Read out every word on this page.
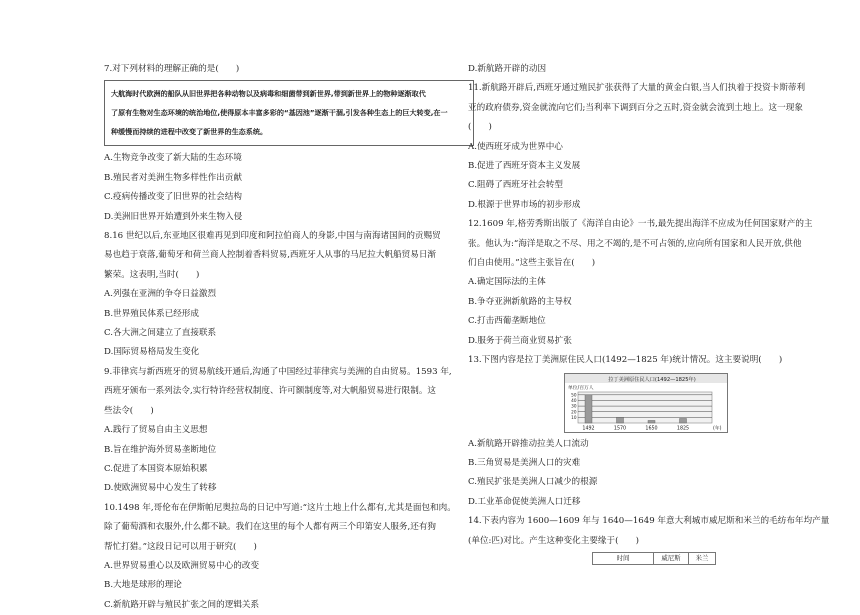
7.对下列材料的理解正确的是(　　)
大航海时代欧洲的船队从旧世界把各种动物以及病毒和细菌带到新世界,带到新世界上的物种逐渐取代
了原有生物对生态环境的统治地位,使得原本丰富多彩的“基因池”逐渐干涸,引发各种生态上的巨大转变,在一
种缓慢而持续的进程中改变了新世界的生态系统。
A.生物竞争改变了新大陆的生态环境
B.殖民者对美洲生物多样性作出贡献
C.疫病传播改变了旧世界的社会结构
D.美洲旧世界开始遭到外来生物入侵
8.16 世纪以后,东亚地区很难再见到印度和阿拉伯商人的身影,中国与南海诸国间的贡赐贸
易也趋于衰落,葡萄牙和荷兰商人控制着香料贸易,西班牙人从事的马尼拉大帆船贸易日渐
繁荣。这表明,当时(　　)
A.列强在亚洲的争夺日益激烈
B.世界殖民体系已经形成
C.各大洲之间建立了直接联系
D.国际贸易格局发生变化
9.菲律宾与新西班牙的贸易航线开通后,沟通了中国经过菲律宾与美洲的自由贸易。1593 年,
西班牙颁布一系列法令,实行特许经营权制度、许可额制度等,对大帆船贸易进行限制。这
些法令(　　)
A.践行了贸易自由主义思想
B.旨在维护海外贸易垄断地位
C.促进了本国资本原始积累
D.使欧洲贸易中心发生了转移
10.1498 年,哥伦布在伊斯帕尼奥拉岛的日记中写道:“这片土地上什么都有,尤其是面包和肉。
除了葡萄酒和衣服外,什么都不缺。我们在这里的每个人都有两三个印第安人服务,还有狗
帮忙打猎。”这段日记可以用于研究(　　)
A.世界贸易重心以及欧洲贸易中心的改变
B.大地是球形的理论
C.新航路开辟与殖民扩张之间的逻辑关系
D.新航路开辟的动因
11.新航路开辟后,西班牙通过殖民扩张获得了大量的黄金白银,当人们执着于投资卡斯蒂利
亚的政府债券,资金就流向它们;当利率下调到百分之五时,资金就会流到土地上。这一现象
(　　)
A.使西班牙成为世界中心
B.促进了西班牙资本主义发展
C.阻碍了西班牙社会转型
D.根源于世界市场的初步形成
12.1609 年,格劳秀斯出版了《海洋自由论》一书,最先提出海洋不应成为任何国家财产的主
张。他认为:“海洋是取之不尽、用之不竭的,是不可占领的,应向所有国家和人民开放,供他
们自由使用。”这些主张旨在(　　)
A.确定国际法的主体
B.争夺亚洲新航路的主导权
C.打击西葡垄断地位
D.服务于荷兰商业贸易扩张
13.下图内容是拉丁美洲原住民人口(1492—1825 年)统计情况。这主要说明(　　)
拉丁美洲原住民人口(1492—1825年)
单位/百万人
50
40
30
20
10
1492	1570	1650	1825	(年)
A.新航路开辟推动拉美人口流动
B.三角贸易是美洲人口的灾难
C.殖民扩张是美洲人口减少的根源
D.工业革命促使美洲人口迁移
14.下表内容为 1600—1609 年与 1640—1649 年意大利城市威尼斯和米兰的毛纺布年均产量
(单位:匹)对比。产生这种变化主要缘于(　　)
时间	威尼斯	米兰
